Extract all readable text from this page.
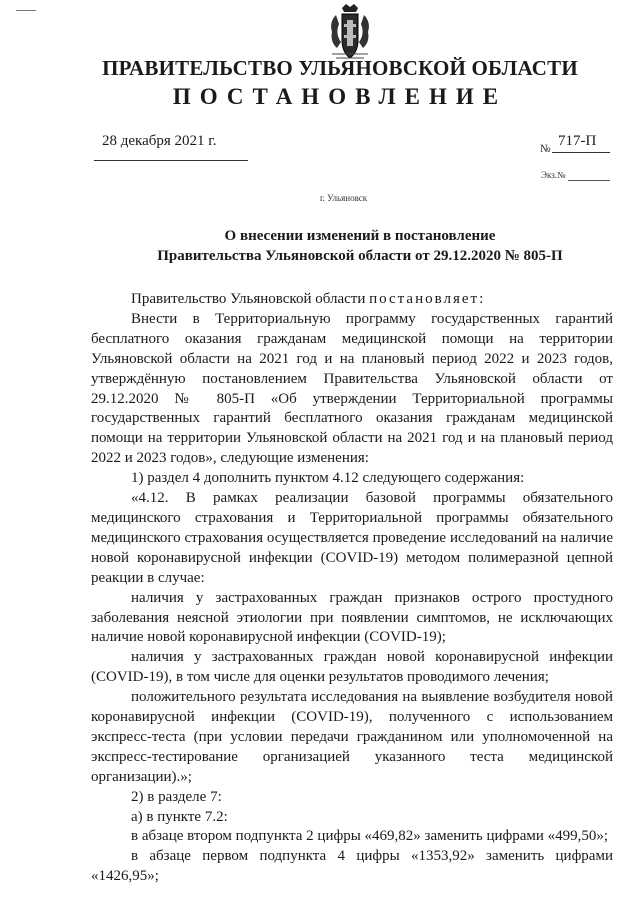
ПРАВИТЕЛЬСТВО УЛЬЯНОВСКОЙ ОБЛАСТИ
ПОСТАНОВЛЕНИЕ
28 декабря 2021 г.	№ 717-П
Экз.№
г. Ульяновск
О внесении изменений в постановление
Правительства Ульяновской области от 29.12.2020 № 805-П

Правительство Ульяновской области постановляет:

Внести в Территориальную программу государственных гарантий бесплатного оказания гражданам медицинской помощи на территории Ульяновской области на 2021 год и на плановый период 2022 и 2023 годов, утверждённую постановлением Правительства Ульяновской области от 29.12.2020 № 805-П «Об утверждении Территориальной программы государственных гарантий бесплатного оказания гражданам медицинской помощи на территории Ульяновской области на 2021 год и на плановый период 2022 и 2023 годов», следующие изменения:

1) раздел 4 дополнить пунктом 4.12 следующего содержания:

«4.12. В рамках реализации базовой программы обязательного медицинского страхования и Территориальной программы обязательного медицинского страхования осуществляется проведение исследований на наличие новой коронавирусной инфекции (COVID-19) методом полимеразной цепной реакции в случае:

наличия у застрахованных граждан признаков острого простудного заболевания неясной этиологии при появлении симптомов, не исключающих наличие новой коронавирусной инфекции (COVID-19);

наличия у застрахованных граждан новой коронавирусной инфекции (COVID-19), в том числе для оценки результатов проводимого лечения;

положительного результата исследования на выявление возбудителя новой коронавирусной инфекции (COVID-19), полученного с использованием экспресс-теста (при условии передачи гражданином или уполномоченной на экспресс-тестирование организацией указанного теста медицинской организации).»;

2) в разделе 7:

а) в пункте 7.2:

в абзаце втором подпункта 2 цифры «469,82» заменить цифрами «499,50»;

в абзаце первом подпункта 4 цифры «1353,92» заменить цифрами «1426,95»;
